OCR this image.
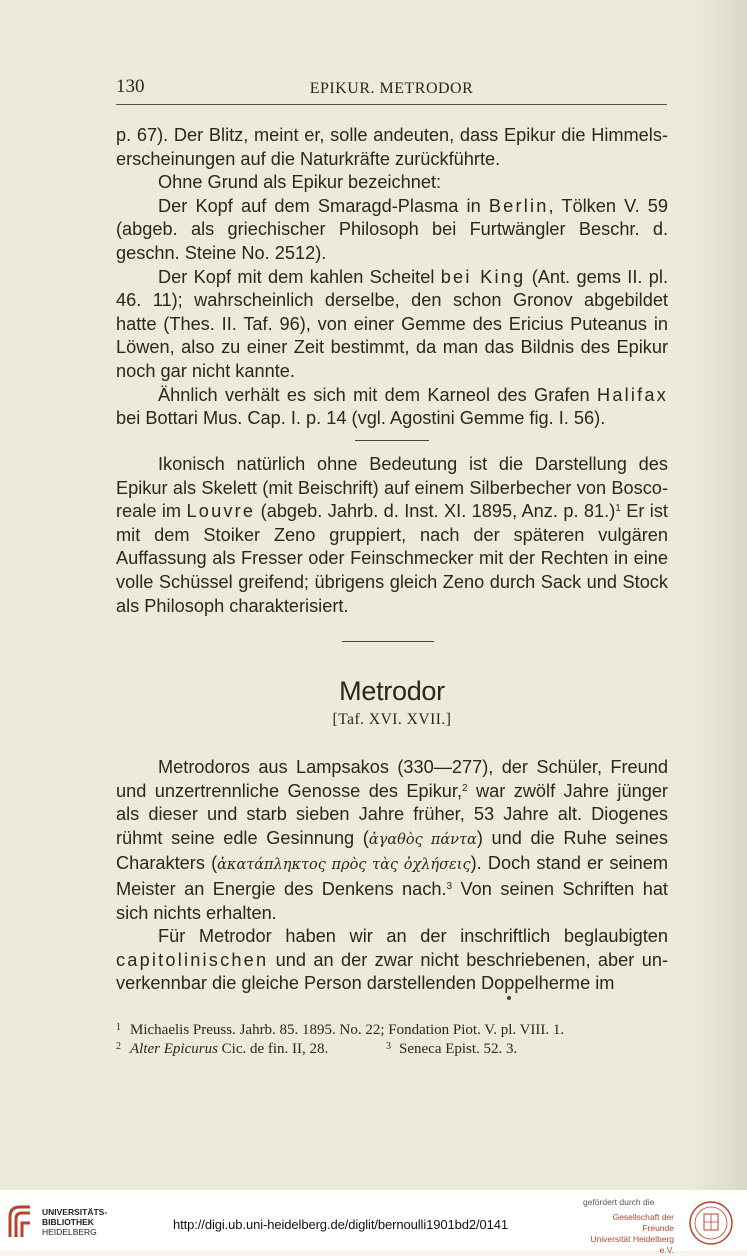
130	EPIKUR. METRODOR

p. 67). Der Blitz, meint er, solle andeuten, dass Epikur die Himmelserscheinungen auf die Naturkräfte zurückführte.

Ohne Grund als Epikur bezeichnet:

Der Kopf auf dem Smaragd-Plasma in Berlin, Tölken V. 59 (abgeb. als griechischer Philosoph bei Furtwängler Beschr. d. geschn. Steine No. 2512).

Der Kopf mit dem kahlen Scheitel bei King (Ant. gems II. pl. 46. 11); wahrscheinlich derselbe, den schon Gronov abgebildet hatte (Thes. II. Taf. 96), von einer Gemme des Ericius Puteanus in Löwen, also zu einer Zeit bestimmt, da man das Bildnis des Epikur noch gar nicht kannte.

Ähnlich verhält es sich mit dem Karneol des Grafen Halifax bei Bottari Mus. Cap. I. p. 14 (vgl. Agostini Gemme fig. I. 56).

Ikonisch natürlich ohne Bedeutung ist die Darstellung des Epikur als Skelett (mit Beischrift) auf einem Silberbecher von Boscoreale im Louvre (abgeb. Jahrb. d. Inst. XI. 1895, Anz. p. 81.)$^1$ Er ist mit dem Stoiker Zeno gruppiert, nach der späteren vulgären Auffassung als Fresser oder Feinschmecker mit der Rechten in eine volle Schüssel greifend; übrigens gleich Zeno durch Sack und Stock als Philosoph charakterisiert.

Metrodor
[Taf. XVI. XVII.]

Metrodoros aus Lampsakos (330—277), der Schüler, Freund und unzertrennliche Genosse des Epikur,$^2$ war zwölf Jahre jünger als dieser und starb sieben Jahre früher, 53 Jahre alt. Diogenes rühmt seine edle Gesinnung (ἀγαθὸς πάντα) und die Ruhe seines Charakters (ἀκατάπληκτος πρὸς τὰς ὀχλήσεις). Doch stand er seinem Meister an Energie des Denkens nach.$^3$ Von seinen Schriften hat sich nichts erhalten.

Für Metrodor haben wir an der inschriftlich beglaubigten capitolinischen und an der zwar nicht beschriebenen, aber unverkennbar die gleiche Person darstellenden Doppelherme im

1 Michaelis Preuss. Jahrb. 85. 1895. No. 22; Fondation Piot. V. pl. VIII. 1.
2 Alter Epicurus Cic. de fin. II, 28.	3 Seneca Epist. 52. 3.
UNIVERSITÄTS-
BIBLIOTHEK
HEIDELBERG	http://digi.ub.uni-heidelberg.de/diglit/bernoulli1901bd2/0141
gefördert durch die
Gesellschaft der Freunde
Universität Heidelberg e.V.
